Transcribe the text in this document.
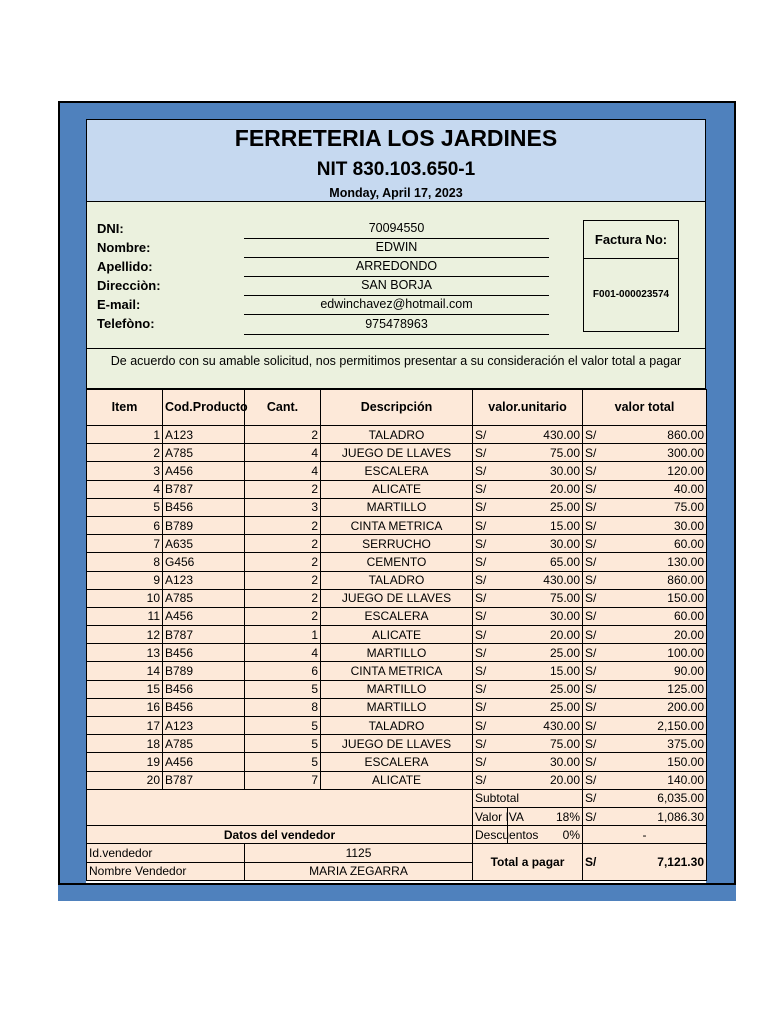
FERRETERIA LOS JARDINES
NIT 830.103.650-1
Monday, April 17, 2023
DNI:	70094550
Nombre:	EDWIN
Apellido:	ARREDONDO
Direcciòn:	SAN BORJA
E-mail:	edwinchavez@hotmail.com
Telefòno:	975478963
Factura No:
F001-000023574
De acuerdo con su amable solicitud, nos permitimos presentar a su consideración el valor total a pagar
Item	Cod.Producto	Cant.	Descripción	valor.unitario		valor total	
1	A123	2	TALADRO	S/	430.00	S/	860.00
2	A785	4	JUEGO DE LLAVES	S/	75.00	S/	300.00
3	A456	4	ESCALERA	S/	30.00	S/	120.00
4	B787	2	ALICATE	S/	20.00	S/	40.00
5	B456	3	MARTILLO	S/	25.00	S/	75.00
6	B789	2	CINTA METRICA	S/	15.00	S/	30.00
7	A635	2	SERRUCHO	S/	30.00	S/	60.00
8	G456	2	CEMENTO	S/	65.00	S/	130.00
9	A123	2	TALADRO	S/	430.00	S/	860.00
10	A785	2	JUEGO DE LLAVES	S/	75.00	S/	150.00
11	A456	2	ESCALERA	S/	30.00	S/	60.00
12	B787	1	ALICATE	S/	20.00	S/	20.00
13	B456	4	MARTILLO	S/	25.00	S/	100.00
14	B789	6	CINTA METRICA	S/	15.00	S/	90.00
15	B456	5	MARTILLO	S/	25.00	S/	125.00
16	B456	8	MARTILLO	S/	25.00	S/	200.00
17	A123	5	TALADRO	S/	430.00	S/	2,150.00
18	A785	5	JUEGO DE LLAVES	S/	75.00	S/	375.00
19	A456	5	ESCALERA	S/	30.00	S/	150.00
20	B787	7	ALICATE	S/	20.00	S/	140.00
				Subtotal		S/	6,035.00
				Valor IVA	18%	S/	1,086.30
Datos del vendedor				Descuentos	0%	-	
Id.vendedor		1125		Total a pagar		S/	7,121.30
Nombre Vendedor		MARIA ZEGARRA					
